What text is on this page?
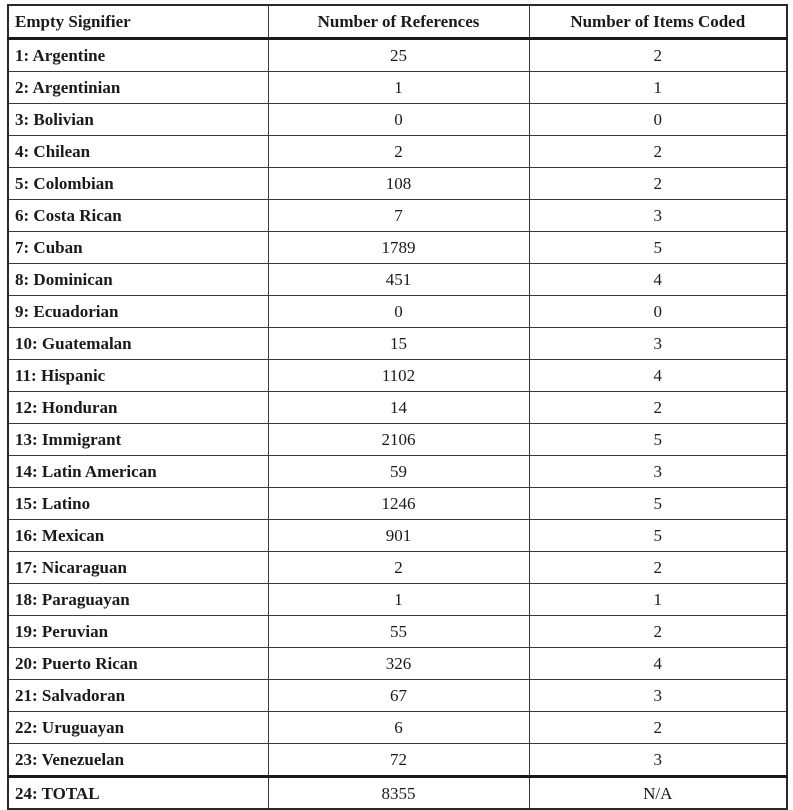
Empty Signifier	Number of References	Number of Items Coded
1: Argentine	25	2
2: Argentinian	1	1
3: Bolivian	0	0
4: Chilean	2	2
5: Colombian	108	2
6: Costa Rican	7	3
7: Cuban	1789	5
8: Dominican	451	4
9: Ecuadorian	0	0
10: Guatemalan	15	3
11: Hispanic	1102	4
12: Honduran	14	2
13: Immigrant	2106	5
14: Latin American	59	3
15: Latino	1246	5
16: Mexican	901	5
17: Nicaraguan	2	2
18: Paraguayan	1	1
19: Peruvian	55	2
20: Puerto Rican	326	4
21: Salvadoran	67	3
22: Uruguayan	6	2
23: Venezuelan	72	3
24: TOTAL	8355	N/A
